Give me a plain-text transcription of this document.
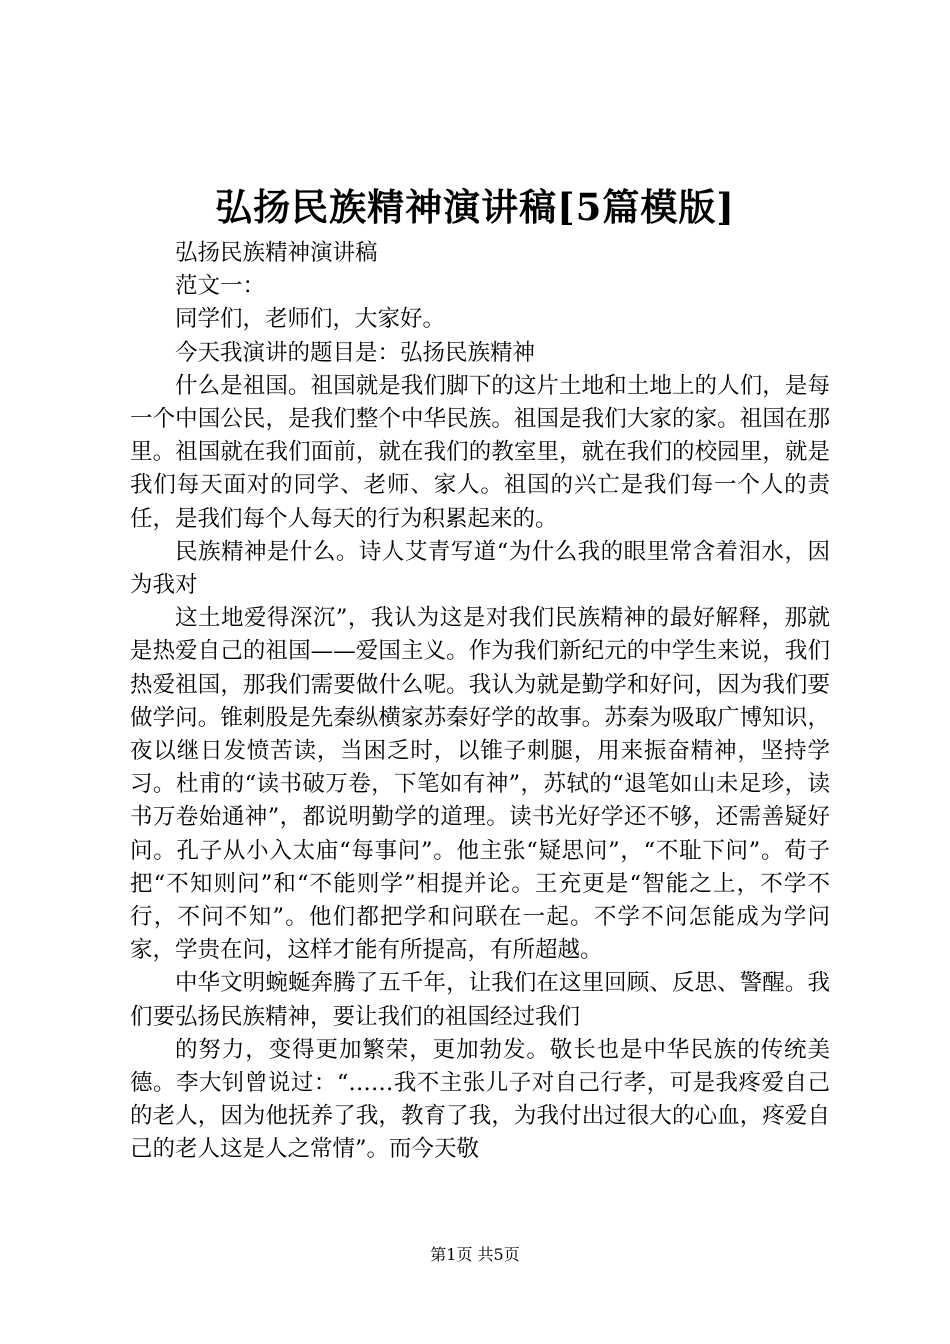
弘扬民族精神演讲稿[5篇模版]

弘扬民族精神演讲稿

范文一：

同学们，老师们，大家好。

今天我演讲的题目是：弘扬民族精神

什么是祖国。祖国就是我们脚下的这片土地和土地上的人们，是每一个中国公民，是我们整个中华民族。祖国是我们大家的家。祖国在那里。祖国就在我们面前，就在我们的教室里，就在我们的校园里，就是我们每天面对的同学、老师、家人。祖国的兴亡是我们每一个人的责任，是我们每个人每天的行为积累起来的。

民族精神是什么。诗人艾青写道“为什么我的眼里常含着泪水，因为我对

这土地爱得深沉”，我认为这是对我们民族精神的最好解释，那就是热爱自己的祖国——爱国主义。作为我们新纪元的中学生来说，我们热爱祖国，那我们需要做什么呢。我认为就是勤学和好问，因为我们要做学问。锥刺股是先秦纵横家苏秦好学的故事。苏秦为吸取广博知识，夜以继日发愤苦读，当困乏时，以锥子刺腿，用来振奋精神，坚持学习。杜甫的“读书破万卷，下笔如有神”，苏轼的“退笔如山未足珍，读书万卷始通神”，都说明勤学的道理。读书光好学还不够，还需善疑好问。孔子从小入太庙“每事问”。他主张“疑思问”，“不耻下问”。荀子把“不知则问”和“不能则学”相提并论。王充更是“智能之上，不学不行，不问不知”。他们都把学和问联在一起。不学不问怎能成为学问家，学贵在问，这样才能有所提高，有所超越。

中华文明蜿蜒奔腾了五千年，让我们在这里回顾、反思、警醒。我们要弘扬民族精神，要让我们的祖国经过我们

的努力，变得更加繁荣，更加勃发。敬长也是中华民族的传统美德。李大钊曾说过：“……我不主张儿子对自己行孝，可是我疼爱自己的老人，因为他抚养了我，教育了我，为我付出过很大的心血，疼爱自己的老人这是人之常情”。而今天敬

第1页 共5页
